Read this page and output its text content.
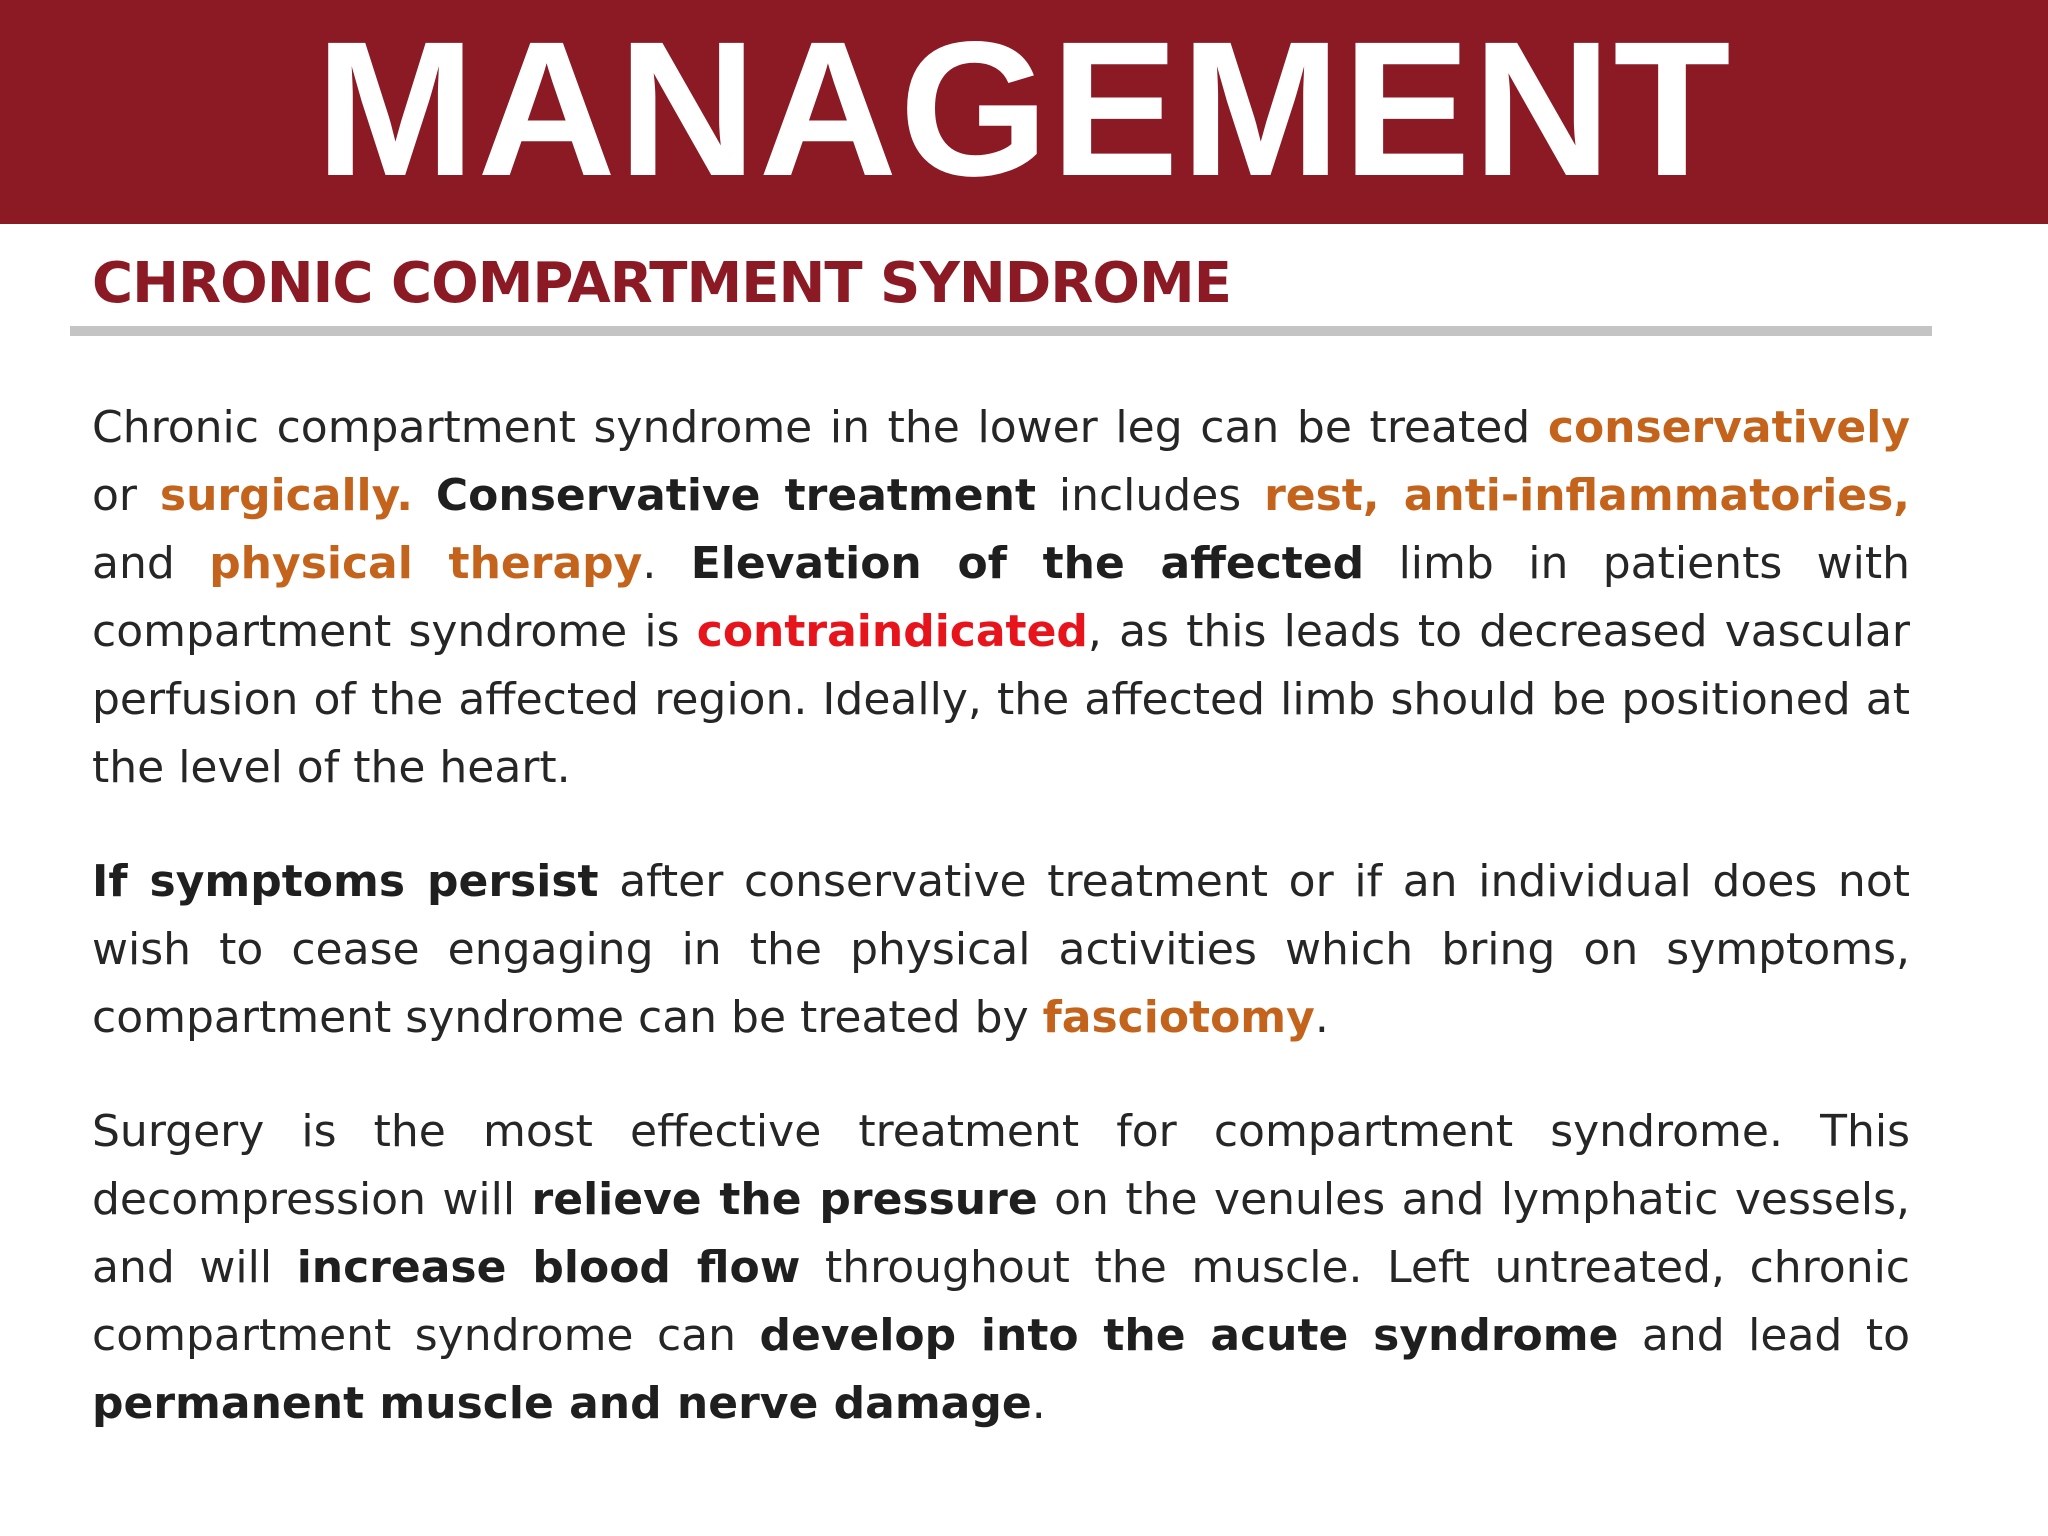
MANAGEMENT
CHRONIC COMPARTMENT SYNDROME

Chronic compartment syndrome in the lower leg can be treated conservatively or surgically. Conservative treatment includes rest, anti-inflammatories, and physical therapy. Elevation of the affected limb in patients with compartment syndrome is contraindicated, as this leads to decreased vascular perfusion of the affected region. Ideally, the affected limb should be positioned at the level of the heart.

If symptoms persist after conservative treatment or if an individual does not wish to cease engaging in the physical activities which bring on symptoms, compartment syndrome can be treated by fasciotomy.

Surgery is the most effective treatment for compartment syndrome. This decompression will relieve the pressure on the venules and lymphatic vessels, and will increase blood flow throughout the muscle. Left untreated, chronic compartment syndrome can develop into the acute syndrome and lead to permanent muscle and nerve damage.
